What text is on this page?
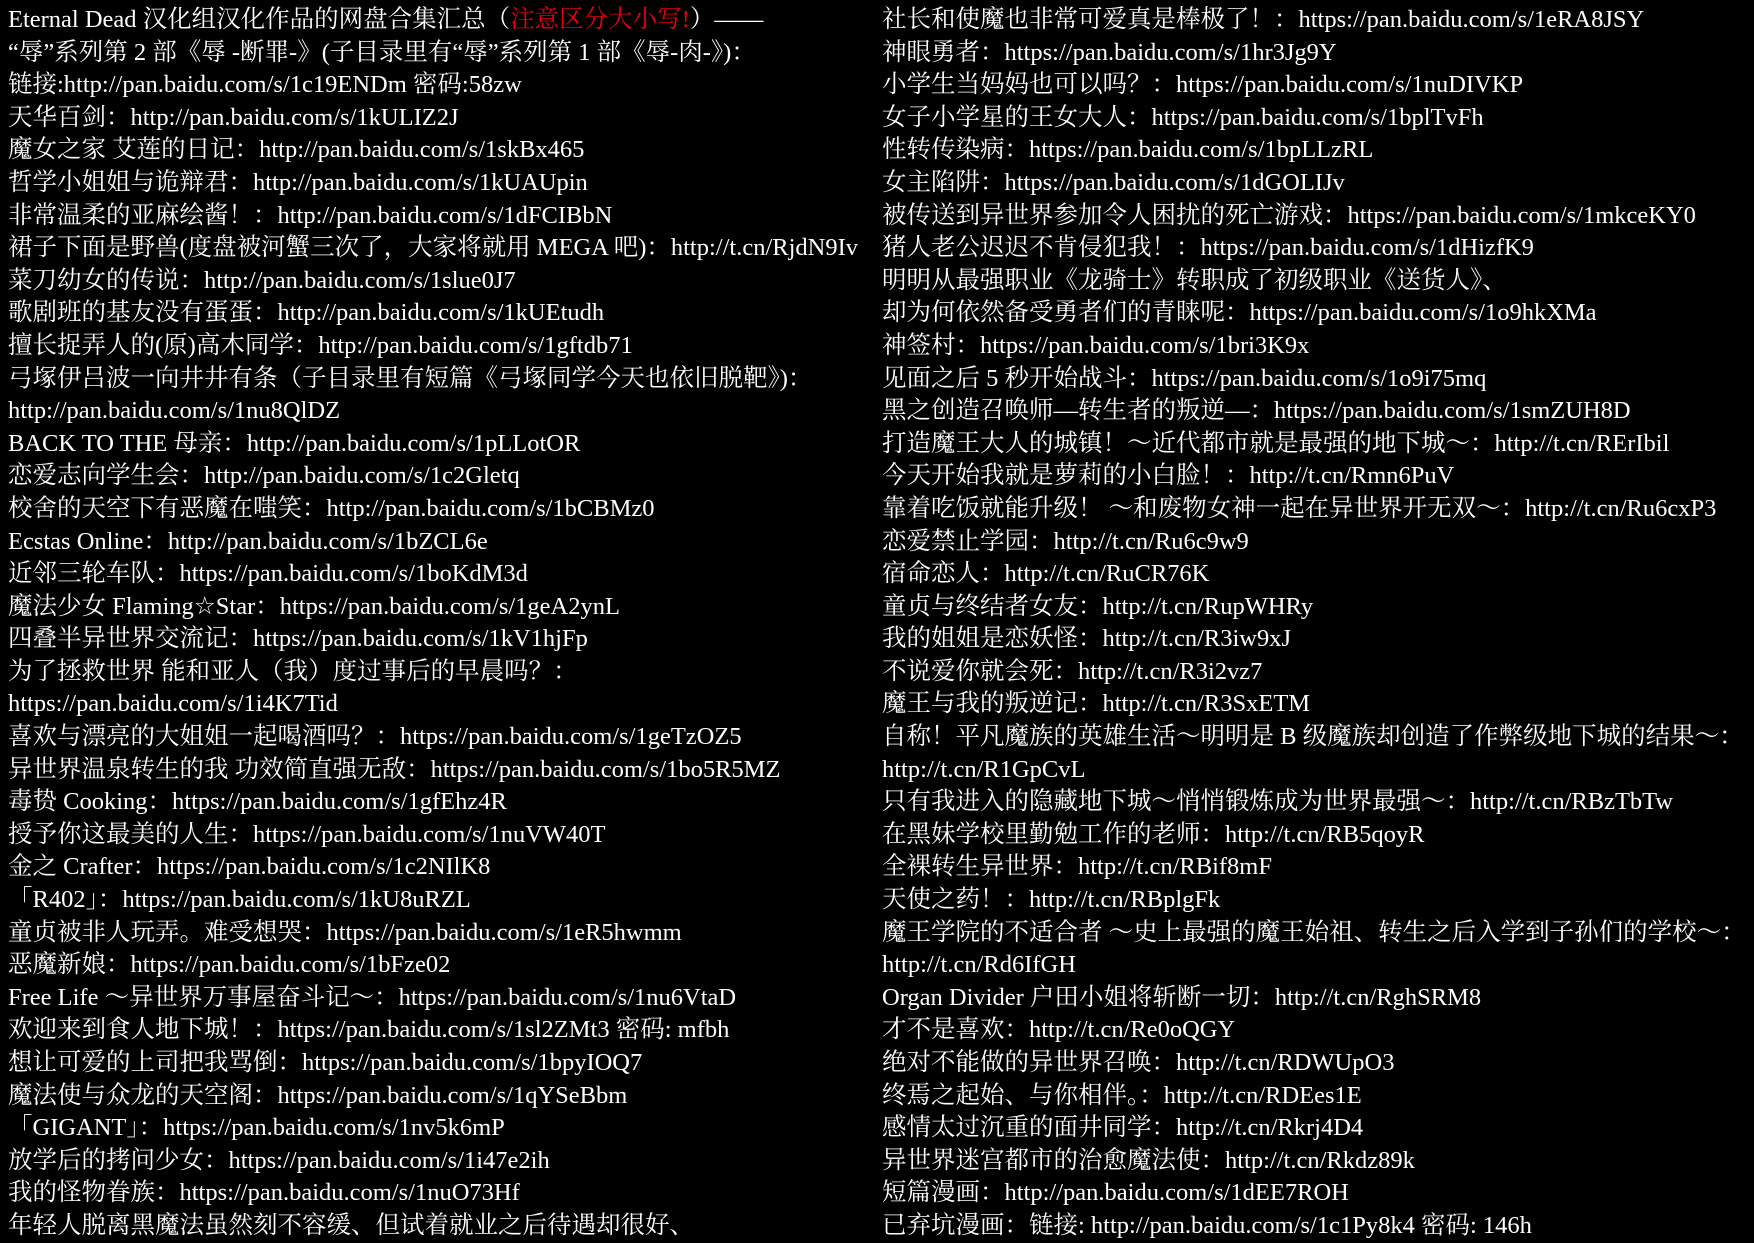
Eternal Dead 汉化组汉化作品的网盘合集汇总（注意区分大小写!）——
“辱”系列第 2 部《辱 -断罪-》(子目录里有“辱”系列第 1 部《辱-肉-》)：
链接:http://pan.baidu.com/s/1c19ENDm 密码:58zw
天华百剑：http://pan.baidu.com/s/1kULIZ2J
魔女之家 艾莲的日记：http://pan.baidu.com/s/1skBx465
哲学小姐姐与诡辩君：http://pan.baidu.com/s/1kUAUpin
非常温柔的亚麻绘酱！：http://pan.baidu.com/s/1dFCIBbN
裙子下面是野兽(度盘被河蟹三次了，大家将就用 MEGA 吧)：http://t.cn/RjdN9Iv
菜刀幼女的传说：http://pan.baidu.com/s/1slue0J7
歌剧班的基友没有蛋蛋：http://pan.baidu.com/s/1kUEtudh
擅长捉弄人的(原)高木同学：http://pan.baidu.com/s/1gftdb71
弓塚伊吕波一向井井有条（子目录里有短篇《弓塚同学今天也依旧脱靶》)：
http://pan.baidu.com/s/1nu8QlDZ
BACK TO THE 母亲：http://pan.baidu.com/s/1pLLotOR
恋爱志向学生会：http://pan.baidu.com/s/1c2Gletq
校舍的天空下有恶魔在嗤笑：http://pan.baidu.com/s/1bCBMz0
Ecstas Online：http://pan.baidu.com/s/1bZCL6e
近邻三轮车队：https://pan.baidu.com/s/1boKdM3d
魔法少女 Flaming☆Star：https://pan.baidu.com/s/1geA2ynL
四叠半异世界交流记：https://pan.baidu.com/s/1kV1hjFp
为了拯救世界 能和亚人（我）度过事后的早晨吗？：
https://pan.baidu.com/s/1i4K7Tid
喜欢与漂亮的大姐姐一起喝酒吗？：https://pan.baidu.com/s/1geTzOZ5
异世界温泉转生的我 功效简直强无敌：https://pan.baidu.com/s/1bo5R5MZ
毒贽 Cooking：https://pan.baidu.com/s/1gfEhz4R
授予你这最美的人生：https://pan.baidu.com/s/1nuVW40T
金之 Crafter：https://pan.baidu.com/s/1c2NIlK8
「R402」：https://pan.baidu.com/s/1kU8uRZL
童贞被非人玩弄。难受想哭：https://pan.baidu.com/s/1eR5hwmm
恶魔新娘：https://pan.baidu.com/s/1bFze02
Free Life ～异世界万事屋奋斗记～：https://pan.baidu.com/s/1nu6VtaD
欢迎来到食人地下城！：https://pan.baidu.com/s/1sl2ZMt3 密码: mfbh
想让可爱的上司把我骂倒：https://pan.baidu.com/s/1bpyIOQ7
魔法使与众龙的天空阁：https://pan.baidu.com/s/1qYSeBbm
「GIGANT」：https://pan.baidu.com/s/1nv5k6mP
放学后的拷问少女：https://pan.baidu.com/s/1i47e2ih
我的怪物眷族：https://pan.baidu.com/s/1nuO73Hf
年轻人脱离黑魔法虽然刻不容缓、但试着就业之后待遇却很好、
社长和使魔也非常可爱真是棒极了！：https://pan.baidu.com/s/1eRA8JSY
神眼勇者：https://pan.baidu.com/s/1hr3Jg9Y
小学生当妈妈也可以吗？：https://pan.baidu.com/s/1nuDIVKP
女子小学星的王女大人：https://pan.baidu.com/s/1bplTvFh
性转传染病：https://pan.baidu.com/s/1bpLLzRL
女主陷阱：https://pan.baidu.com/s/1dGOLIJv
被传送到异世界参加令人困扰的死亡游戏：https://pan.baidu.com/s/1mkceKY0
猪人老公迟迟不肯侵犯我！：https://pan.baidu.com/s/1dHizfK9
明明从最强职业《龙骑士》转职成了初级职业《送货人》、
却为何依然备受勇者们的青睐呢：https://pan.baidu.com/s/1o9hkXMa
神签村：https://pan.baidu.com/s/1bri3K9x
见面之后 5 秒开始战斗：https://pan.baidu.com/s/1o9i75mq
黑之创造召唤师—转生者的叛逆—：https://pan.baidu.com/s/1smZUH8D
打造魔王大人的城镇！～近代都市就是最强的地下城～：http://t.cn/RErIbil
今天开始我就是萝莉的小白脸！：http://t.cn/Rmn6PuV
靠着吃饭就能升级！ ～和废物女神一起在异世界开无双～：http://t.cn/Ru6cxP3
恋爱禁止学园：http://t.cn/Ru6c9w9
宿命恋人：http://t.cn/RuCR76K
童贞与终结者女友：http://t.cn/RupWHRy
我的姐姐是恋妖怪：http://t.cn/R3iw9xJ
不说爱你就会死：http://t.cn/R3i2vz7
魔王与我的叛逆记：http://t.cn/R3SxETM
自称！平凡魔族的英雄生活～明明是 B 级魔族却创造了作弊级地下城的结果～：
http://t.cn/R1GpCvL
只有我进入的隐藏地下城～悄悄锻炼成为世界最强～：http://t.cn/RBzTbTw
在黑妹学校里勤勉工作的老师：http://t.cn/RB5qoyR
全裸转生异世界：http://t.cn/RBif8mF
天使之药！：http://t.cn/RBplgFk
魔王学院的不适合者 ～史上最强的魔王始祖、转生之后入学到子孙们的学校～：
http://t.cn/Rd6IfGH
Organ Divider 户田小姐将斩断一切：http://t.cn/RghSRM8
才不是喜欢：http://t.cn/Re0oQGY
绝对不能做的异世界召唤：http://t.cn/RDWUpO3
终焉之起始、与你相伴。：http://t.cn/RDEes1E
感情太过沉重的面井同学：http://t.cn/Rkrj4D4
异世界迷宫都市的治愈魔法使：http://t.cn/Rkdz89k
短篇漫画：http://pan.baidu.com/s/1dEE7ROH
已弃坑漫画：链接: http://pan.baidu.com/s/1c1Py8k4 密码: 146h
